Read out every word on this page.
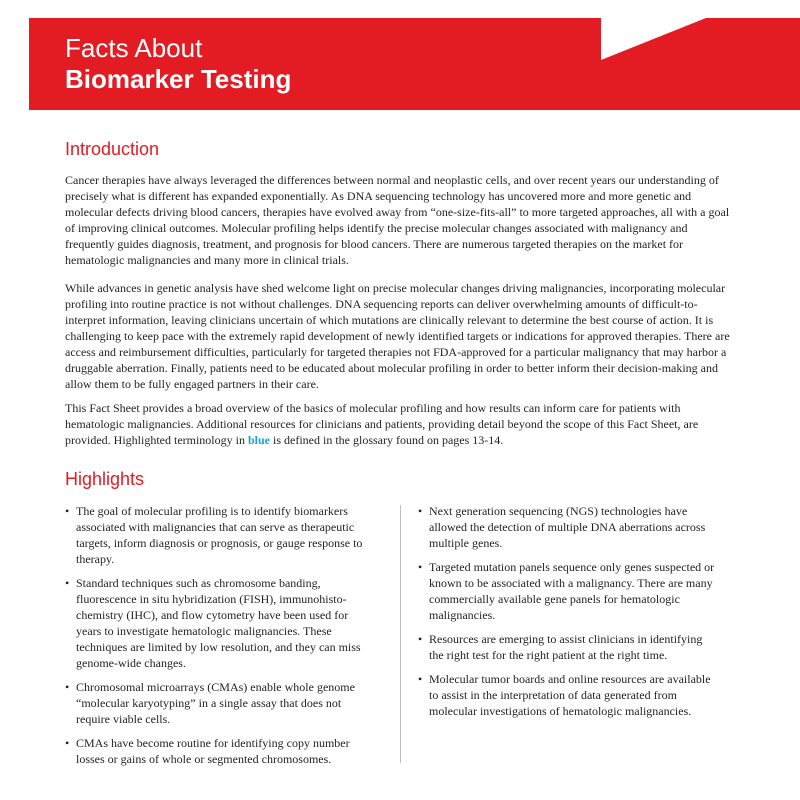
Facts About
Biomarker Testing
Introduction
Cancer therapies have always leveraged the differences between normal and neoplastic cells, and over recent years our understanding of precisely what is different has expanded exponentially. As DNA sequencing technology has uncovered more and more genetic and molecular defects driving blood cancers, therapies have evolved away from “one-size-fits-all” to more targeted approaches, all with a goal of improving clinical outcomes. Molecular profiling helps identify the precise molecular changes associated with malignancy and frequently guides diagnosis, treatment, and prognosis for blood cancers. There are numerous targeted therapies on the market for hematologic malignancies and many more in clinical trials.
While advances in genetic analysis have shed welcome light on precise molecular changes driving malignancies, incorporating molecular profiling into routine practice is not without challenges. DNA sequencing reports can deliver overwhelming amounts of difficult-to-interpret information, leaving clinicians uncertain of which mutations are clinically relevant to determine the best course of action. It is challenging to keep pace with the extremely rapid development of newly identified targets or indications for approved therapies. There are access and reimbursement difficulties, particularly for targeted therapies not FDA-approved for a particular malignancy that may harbor a druggable aberration. Finally, patients need to be educated about molecular profiling in order to better inform their decision-making and allow them to be fully engaged partners in their care.
This Fact Sheet provides a broad overview of the basics of molecular profiling and how results can inform care for patients with hematologic malignancies. Additional resources for clinicians and patients, providing detail beyond the scope of this Fact Sheet, are provided. Highlighted terminology in blue is defined in the glossary found on pages 13-14.
Highlights
• The goal of molecular profiling is to identify biomarkers associated with malignancies that can serve as therapeutic targets, inform diagnosis or prognosis, or gauge response to therapy.
• Standard techniques such as chromosome banding, fluorescence in situ hybridization (FISH), immunohisto-chemistry (IHC), and flow cytometry have been used for years to investigate hematologic malignancies. These techniques are limited by low resolution, and they can miss genome-wide changes.
• Chromosomal microarrays (CMAs) enable whole genome “molecular karyotyping” in a single assay that does not require viable cells.
• CMAs have become routine for identifying copy number losses or gains of whole or segmented chromosomes.
• Next generation sequencing (NGS) technologies have allowed the detection of multiple DNA aberrations across multiple genes.
• Targeted mutation panels sequence only genes suspected or known to be associated with a malignancy. There are many commercially available gene panels for hematologic malignancies.
• Resources are emerging to assist clinicians in identifying the right test for the right patient at the right time.
• Molecular tumor boards and online resources are available to assist in the interpretation of data generated from molecular investigations of hematologic malignancies.
